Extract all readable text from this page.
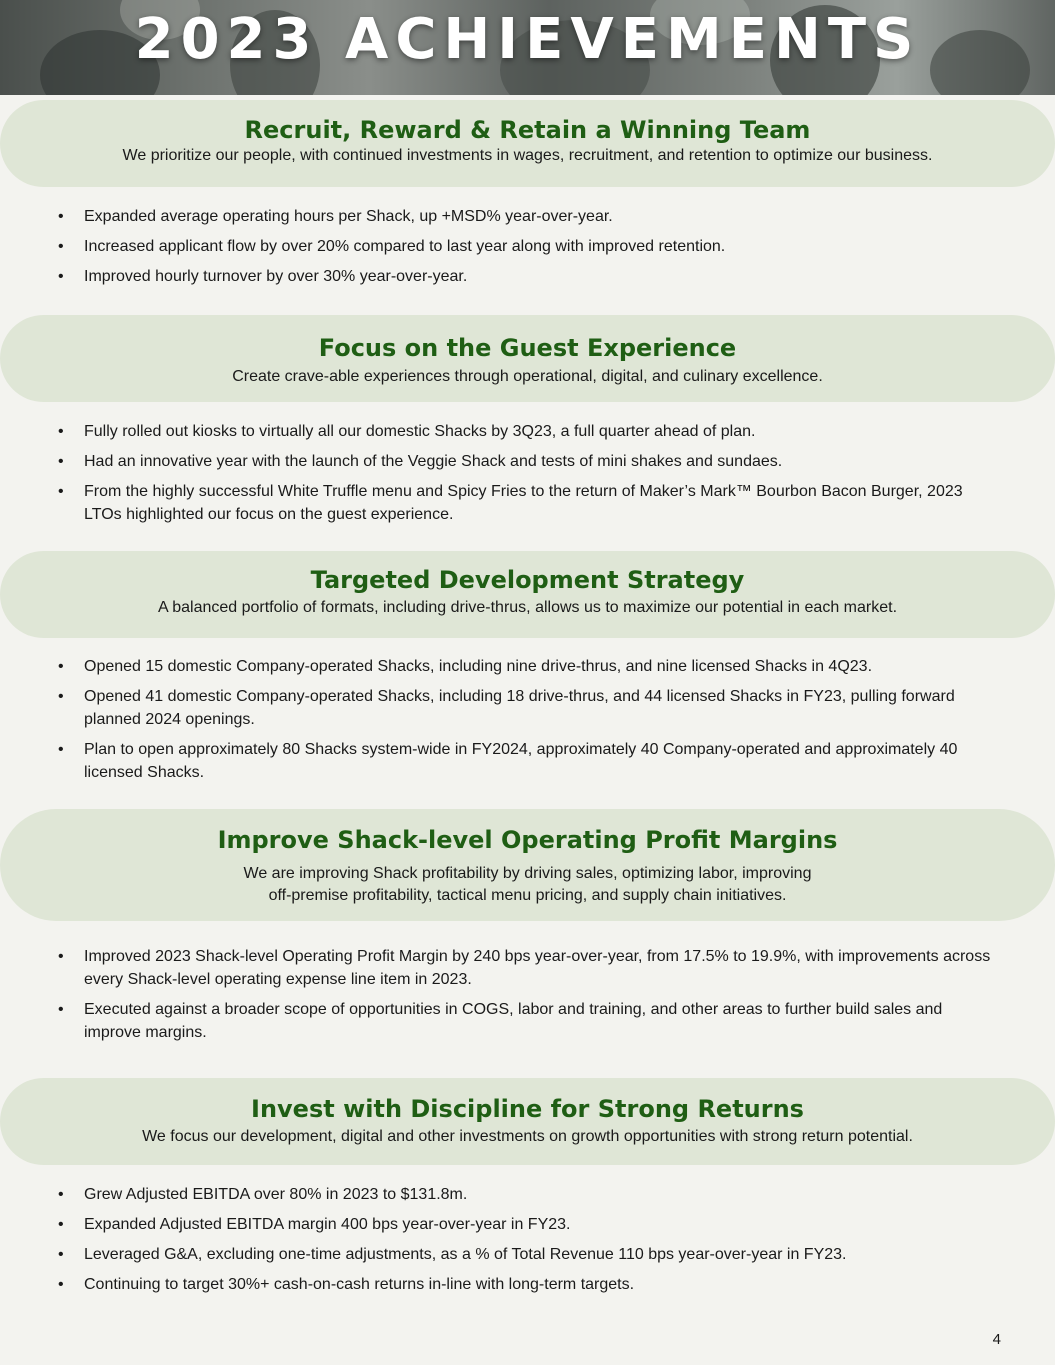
2023 ACHIEVEMENTS
Recruit, Reward & Retain a Winning Team
We prioritize our people, with continued investments in wages, recruitment, and retention to optimize our business.
• Expanded average operating hours per Shack, up +MSD% year-over-year.
• Increased applicant flow by over 20% compared to last year along with improved retention.
• Improved hourly turnover by over 30% year-over-year.
Focus on the Guest Experience
Create crave-able experiences through operational, digital, and culinary excellence.
• Fully rolled out kiosks to virtually all our domestic Shacks by 3Q23, a full quarter ahead of plan.
• Had an innovative year with the launch of the Veggie Shack and tests of mini shakes and sundaes.
• From the highly successful White Truffle menu and Spicy Fries to the return of Maker’s Mark™ Bourbon Bacon Burger, 2023 LTOs highlighted our focus on the guest experience.
Targeted Development Strategy
A balanced portfolio of formats, including drive-thrus, allows us to maximize our potential in each market.
• Opened 15 domestic Company-operated Shacks, including nine drive-thrus, and nine licensed Shacks in 4Q23.
• Opened 41 domestic Company-operated Shacks, including 18 drive-thrus, and 44 licensed Shacks in FY23, pulling forward planned 2024 openings.
• Plan to open approximately 80 Shacks system-wide in FY2024, approximately 40 Company-operated and approximately 40 licensed Shacks.
Improve Shack-level Operating Profit Margins
We are improving Shack profitability by driving sales, optimizing labor, improving
off-premise profitability, tactical menu pricing, and supply chain initiatives.
• Improved 2023 Shack-level Operating Profit Margin by 240 bps year-over-year, from 17.5% to 19.9%, with improvements across every Shack-level operating expense line item in 2023.
• Executed against a broader scope of opportunities in COGS, labor and training, and other areas to further build sales and improve margins.
Invest with Discipline for Strong Returns
We focus our development, digital and other investments on growth opportunities with strong return potential.
• Grew Adjusted EBITDA over 80% in 2023 to $131.8m.
• Expanded Adjusted EBITDA margin 400 bps year-over-year in FY23.
• Leveraged G&A, excluding one-time adjustments, as a % of Total Revenue 110 bps year-over-year in FY23.
• Continuing to target 30%+ cash-on-cash returns in-line with long-term targets.
4
